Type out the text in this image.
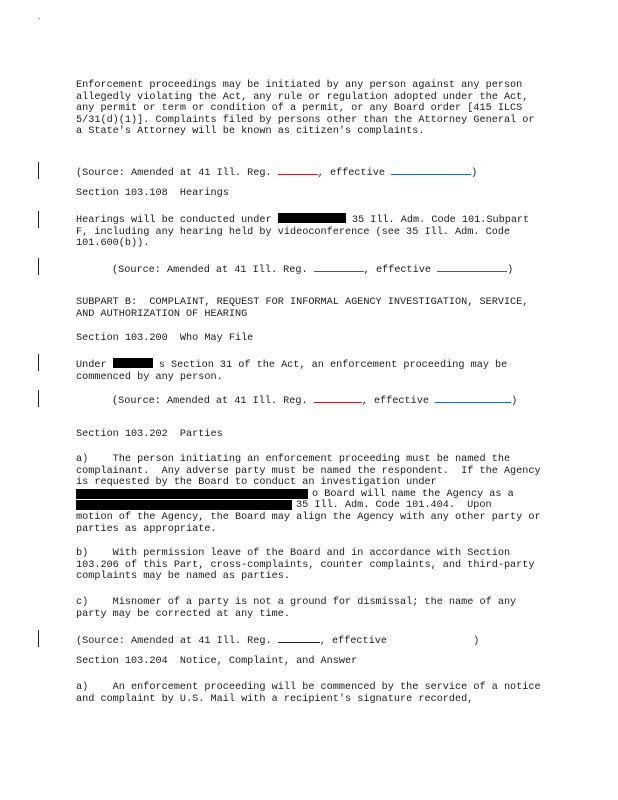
Enforcement proceedings may be initiated by any person against any person allegedly violating the Act, any rule or regulation adopted under the Act, any permit or term or condition of a permit, or any Board order [415 ILCS 5/31(d)(1)]. Complaints filed by persons other than the Attorney General or a State's Attorney will be known as citizen's complaints.

(Source: Amended at 41 Ill. Reg.	, effective	)

Section 103.108  Hearings

Hearings will be conducted under	35 Ill. Adm. Code 101.Subpart F, including any hearing held by videoconference (see 35 Ill. Adm. Code 101.600(b)).

(Source: Amended at 41 Ill. Reg.	, effective	)

SUBPART B:  COMPLAINT, REQUEST FOR INFORMAL AGENCY INVESTIGATION, SERVICE, AND AUTHORIZATION OF HEARING

Section 103.200  Who May File

Under	s Section 31 of the Act, an enforcement proceeding may be commenced by any person.

(Source: Amended at 41 Ill. Reg.	, effective	)

Section 103.202  Parties

a)    The person initiating an enforcement proceeding must be named the complainant.  Any adverse party must be named the respondent.  If the Agency is requested by the Board to conduct an investigation under

o Board will name the Agency as a

35 Ill. Adm. Code 101.404.  Upon

motion of the Agency, the Board may align the Agency with any other party or parties as appropriate.

b)    With permission leave of the Board and in accordance with Section 103.206 of this Part, cross-complaints, counter complaints, and third-party complaints may be named as parties.

c)    Misnomer of a party is not a ground for dismissal; the name of any party may be corrected at any time.

(Source: Amended at 41 Ill. Reg.	, effective	)

Section 103.204  Notice, Complaint, and Answer

a)    An enforcement proceeding will be commenced by the service of a notice and complaint by U.S. Mail with a recipient's signature recorded,
